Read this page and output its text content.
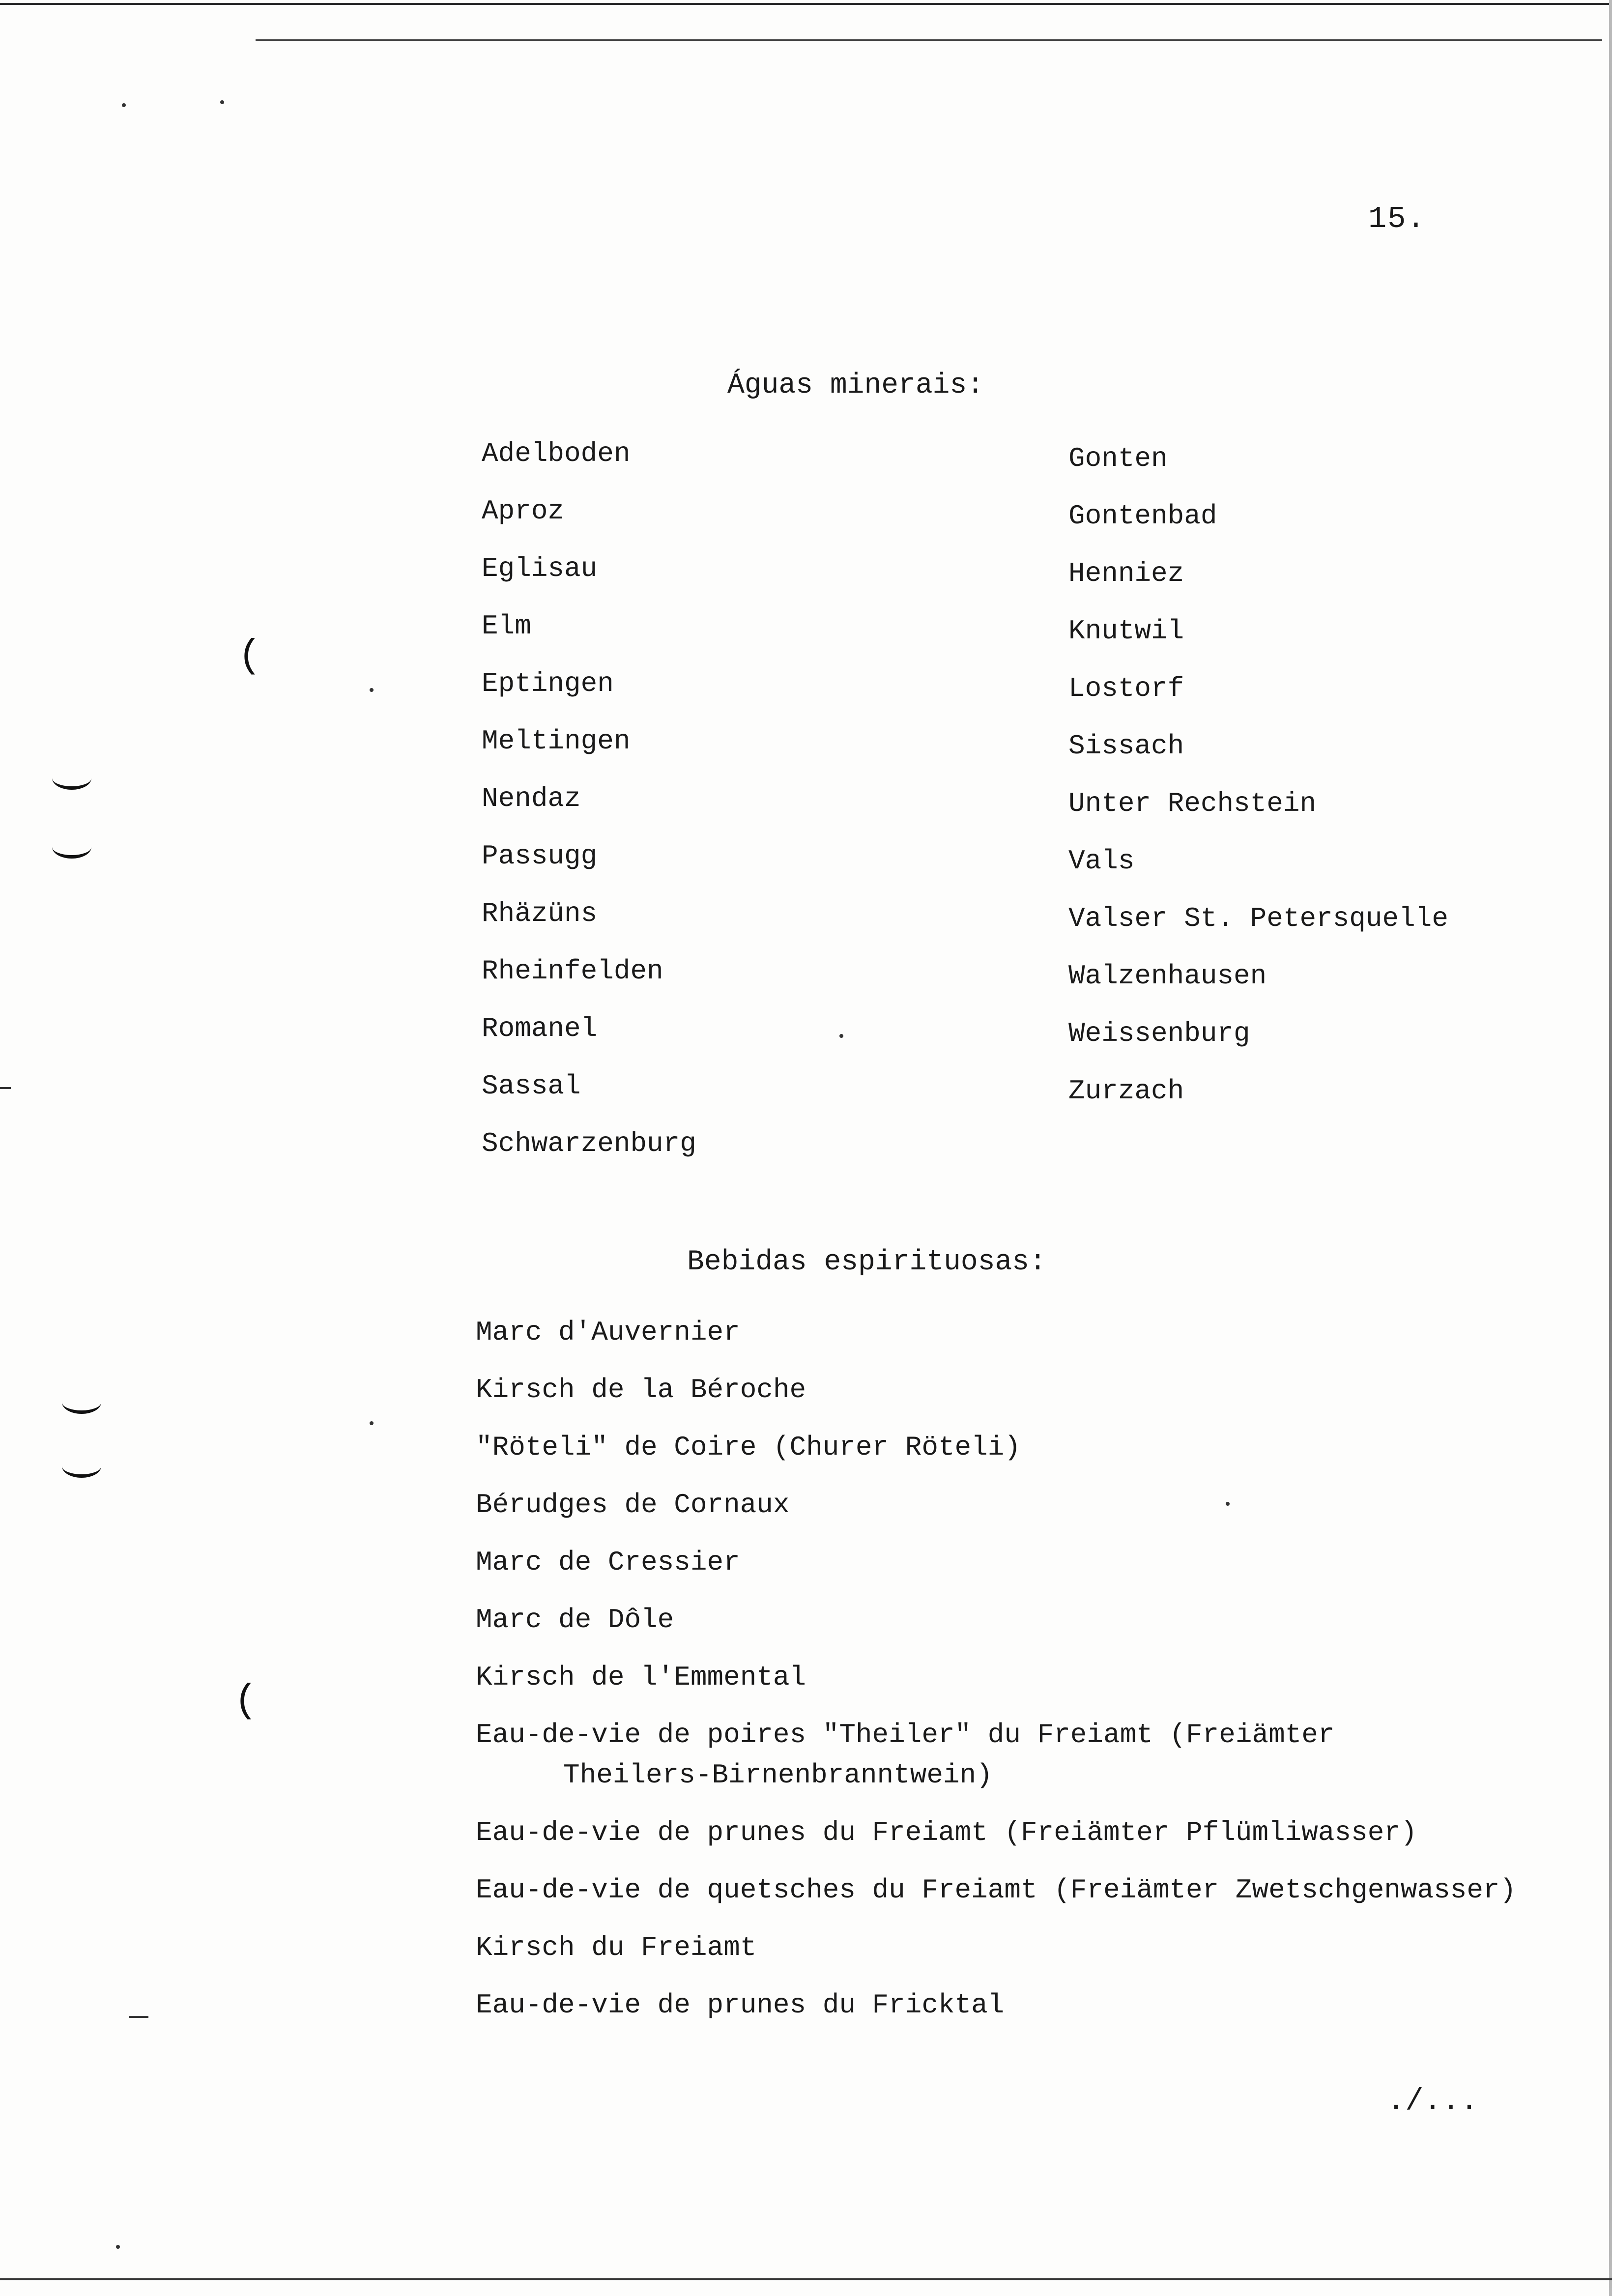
(
(
15.
Águas minerais:
Adelboden
Aproz
Eglisau
Elm
Eptingen
Meltingen
Nendaz
Passugg
Rhäzüns
Rheinfelden
Romanel
Sassal
Schwarzenburg
Gonten
Gontenbad
Henniez
Knutwil
Lostorf
Sissach
Unter Rechstein
Vals
Valser St. Petersquelle
Walzenhausen
Weissenburg
Zurzach
Bebidas espirituosas:
Marc d'Auvernier
Kirsch de la Béroche
"Röteli" de Coire (Churer Röteli)
Bérudges de Cornaux
Marc de Cressier
Marc de Dôle
Kirsch de l'Emmental
Eau-de-vie de poires "Theiler" du Freiamt (Freiämter
Theilers-Birnenbranntwein)
Eau-de-vie de prunes du Freiamt (Freiämter Pflümliwasser)
Eau-de-vie de quetsches du Freiamt (Freiämter Zwetschgenwasser)
Kirsch du Freiamt
Eau-de-vie de prunes du Fricktal
./...
